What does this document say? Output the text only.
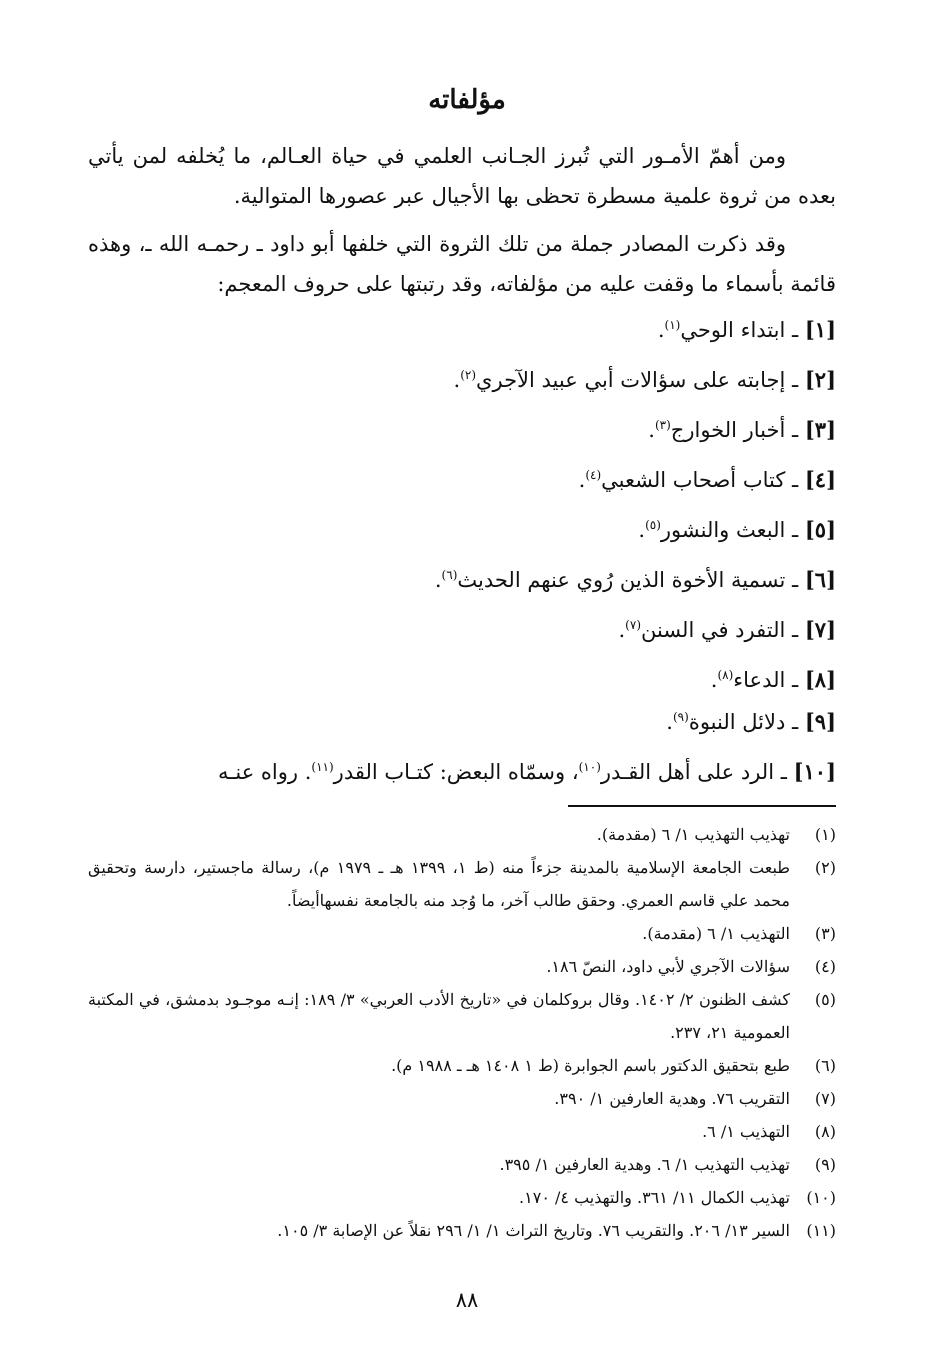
مؤلفاته
ومن أهمّ الأمـور التي تُبرز الجـانب العلمي في حياة العـالم، ما يُخلفه لمن يأتي بعده من ثروة علمية مسطرة تحظى بها الأجيال عبر عصورها المتوالية.
وقد ذكرت المصادر جملة من تلك الثروة التي خلفها أبو داود ـ رحمـه الله ـ، وهذه قائمة بأسماء ما وقفت عليه من مؤلفاته، وقد رتبتها على حروف المعجم:
[١] ـ ابتداء الوحي$^{(١)}$.
[٢] ـ إجابته على سؤالات أبي عبيد الآجري$^{(٢)}$.
[٣] ـ أخبار الخوارج$^{(٣)}$.
[٤] ـ كتاب أصحاب الشعبي$^{(٤)}$.
[٥] ـ البعث والنشور$^{(٥)}$.
[٦] ـ تسمية الأخوة الذين رُوي عنهم الحديث$^{(٦)}$.
[٧] ـ التفرد في السنن$^{(٧)}$.
[٨] ـ الدعاء$^{(٨)}$.
[٩] ـ دلائل النبوة$^{(٩)}$.
[١٠] ـ الرد على أهل القـدر$^{(١٠)}$، وسمّاه البعض: كتـاب القدر$^{(١١)}$. رواه عنـه
(١)
تهذيب التهذيب ١/ ٦ (مقدمة).
(٢)
طبعت الجامعة الإسلامية بالمدينة جزءاً منه (ط ١، ١٣٩٩ هـ ـ ١٩٧٩ م)، رسالة ماجستير، دارسة وتحقيق محمد علي قاسم العمري. وحقق طالب آخر، ما وُجد منه بالجامعة نفسهاأيضاً.
(٣)
التهذيب ١/ ٦ (مقدمة).
(٤)
سؤالات الآجري لأبي داود، النصّ ١٨٦.
(٥)
كشف الظنون ٢/ ١٤٠٢. وقال بروكلمان في «تاريخ الأدب العربي» ٣/ ١٨٩: إنـه موجـود بدمشق، في المكتبة العمومية ٢١، ٢٣٧.
(٦)
طبع بتحقيق الدكتور باسم الجوابرة (ط ١ ١٤٠٨ هـ ـ ١٩٨٨ م).
(٧)
التقريب ٧٦. وهدية العارفين ١/ ٣٩٠.
(٨)
التهذيب ١/ ٦.
(٩)
تهذيب التهذيب ١/ ٦. وهدية العارفين ١/ ٣٩٥.
(١٠)
تهذيب الكمال ١١/ ٣٦١. والتهذيب ٤/ ١٧٠.
(١١)
السير ١٣/ ٢٠٦. والتقريب ٧٦. وتاريخ التراث ١/ ١/ ٢٩٦ نقلاً عن الإصابة ٣/ ١٠٥.
٨٨
